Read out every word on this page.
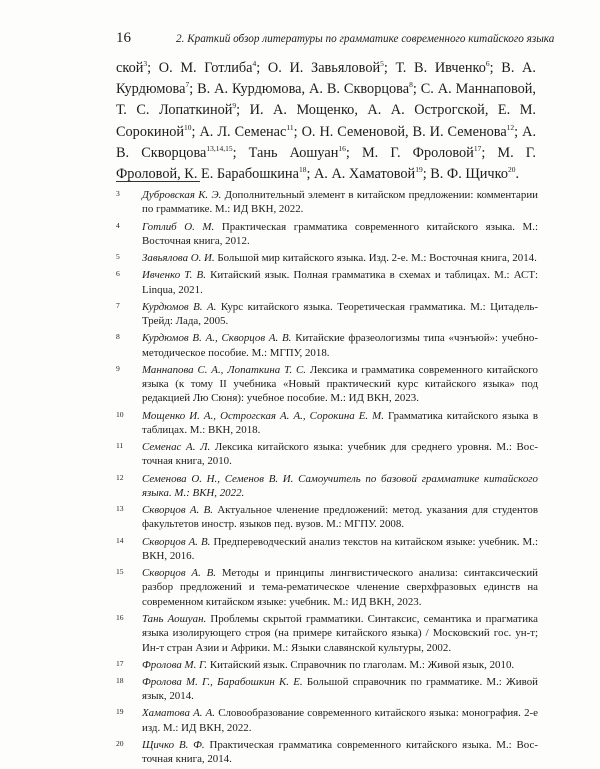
16	2. Краткий обзор литературы по грамматике современного китайского языка
ской$^3$; О. М. Готлиба$^4$; О. И. Завьяловой$^5$; Т. В. Ивченко$^6$; В. А. Курдюмова$^7$; В. А. Курдюмова, А. В. Скворцова$^8$; С. А. Маннаповой, Т. С. Лопаткиной$^9$; И. А. Мощенко, А. А. Острогской, Е. М. Сорокиной$^{10}$; А. Л. Семенас$^{11}$; О. Н. Семеновой, В. И. Семенова$^{12}$; А. В. Скворцова$^{13,14,15}$; Тань Аошуан$^{16}$; М. Г. Фроловой$^{17}$; М. Г. Фроловой, К. Е. Барабошкина$^{18}$; А. А. Хаматовой$^{19}$; В. Ф. Щичко$^{20}$.
3 Дубровская К. Э. Дополнительный элемент в китайском предложении: комментарии по грамматике. М.: ИД ВКН, 2022.
4 Готлиб О. М. Практическая грамматика современного китайского языка. М.: Восточная книга, 2012.
5 Завьялова О. И. Большой мир китайского языка. Изд. 2-е. М.: Восточная книга, 2014.
6 Ивченко Т. В. Китайский язык. Полная грамматика в схемах и таблицах. М.: АСТ: Linqua, 2021.
7 Курдюмов В. А. Курс китайского языка. Теоретическая грамматика. М.: Цитадель-Трейд: Лада, 2005.
8 Курдюмов В. А., Скворцов А. В. Китайские фразеологизмы типа «чэнъюй»: учебно-методическое пособие. М.: МГПУ, 2018.
9 Маннапова С. А., Лопаткина Т. С. Лексика и грамматика современного китайского языка (к тому II учебника «Новый практический курс китайского языка» под редакцией Лю Сюня): учебное пособие. М.: ИД ВКН, 2023.
10 Мощенко И. А., Острогская А. А., Сорокина Е. М. Грамматика китайского языка в таблицах. М.: ВКН, 2018.
11 Семенас А. Л. Лексика китайского языка: учебник для среднего уровня. М.: Восточная книга, 2010.
12 Семенова О. Н., Семенов В. И. Самоучитель по базовой грамматике китайского языка. М.: ВКН, 2022.
13 Скворцов А. В. Актуальное членение предложений: метод. указания для студентов факультетов иностр. языков пед. вузов. М.: МГПУ. 2008.
14 Скворцов А. В. Предпереводческий анализ текстов на китайском языке: учебник. М.: ВКН, 2016.
15 Скворцов А. В. Методы и принципы лингвистического анализа: синтаксический разбор предложений и тема-рематическое членение сверхфразовых единств на современном китайском языке: учебник. М.: ИД ВКН, 2023.
16 Тань Аошуан. Проблемы скрытой грамматики. Синтаксис, семантика и прагматика языка изолирующего строя (на примере китайского языка) / Московский гос. ун-т; Ин-т стран Азии и Африки. М.: Языки славянской культуры, 2002.
17 Фролова М. Г. Китайский язык. Справочник по глаголам. М.: Живой язык, 2010.
18 Фролова М. Г., Барабошкин К. Е. Большой справочник по грамматике. М.: Живой язык, 2014.
19 Хаматова А. А. Словообразование современного китайского языка: монография. 2-е изд. М.: ИД ВКН, 2022.
20 Щичко В. Ф. Практическая грамматика современного китайского языка. М.: Восточная книга, 2014.
